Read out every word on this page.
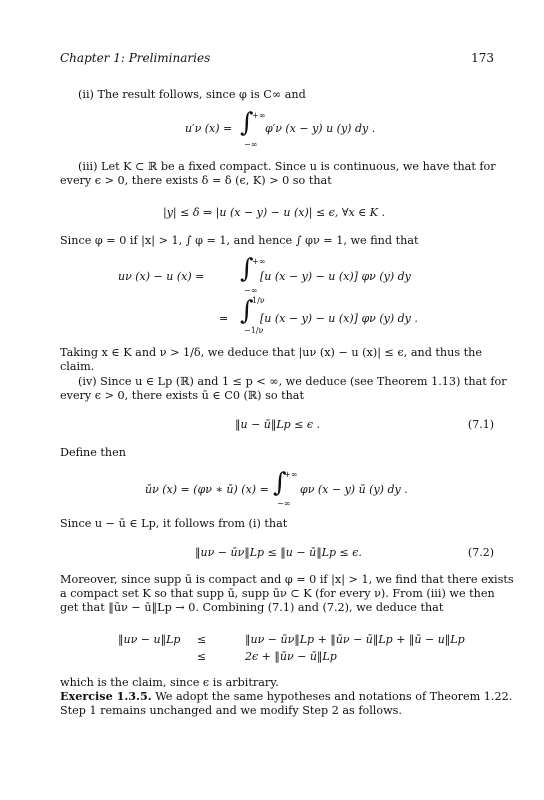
Chapter 1: Preliminaries	173
(ii) The result follows, since φ is C∞ and
u′ν (x) = ∫
+∞
−∞
φ′ν (x − y) u (y) dy .
(iii) Let K ⊂ ℝ be a fixed compact. Since u is continuous, we have that for
every ϵ > 0, there exists δ = δ (ϵ, K) > 0 so that
|y| ≤ δ ⇒ |u (x − y) − u (x)| ≤ ϵ, ∀x ∈ K .
Since φ = 0 if |x| > 1, ∫ φ = 1, and hence ∫ φν = 1, we find that
uν (x) − u (x) = ∫
+∞
−∞
[u (x − y) − u (x)] φν (y) dy
= ∫
1/ν
−1/ν
[u (x − y) − u (x)] φν (y) dy .
Taking x ∈ K and ν > 1/δ, we deduce that |uν (x) − u (x)| ≤ ϵ, and thus the
claim.
(iv) Since u ∈ Lp (ℝ) and 1 ≤ p < ∞, we deduce (see Theorem 1.13) that for
every ϵ > 0, there exists ū ∈ C0 (ℝ) so that
‖u − ū‖Lp ≤ ϵ .	(7.1)
Define then
ūν (x) = (φν ∗ ū) (x) = ∫
+∞
−∞
φν (x − y) ū (y) dy .
Since u − ū ∈ Lp, it follows from (i) that
‖uν − ūν‖Lp ≤ ‖u − ū‖Lp ≤ ϵ.	(7.2)
Moreover, since supp ū is compact and φ = 0 if |x| > 1, we find that there exists
a compact set K so that supp ū, supp ūν ⊂ K (for every ν). From (iii) we then
get that ‖ūν − ū‖Lp → 0. Combining (7.1) and (7.2), we deduce that
‖uν − u‖Lp ≤	‖uν − ūν‖Lp + ‖ūν − ū‖Lp + ‖ū − u‖Lp
≤	2ϵ + ‖ūν − ū‖Lp
which is the claim, since ϵ is arbitrary.
Exercise 1.3.5. We adopt the same hypotheses and notations of Theorem 1.22.
Step 1 remains unchanged and we modify Step 2 as follows.
